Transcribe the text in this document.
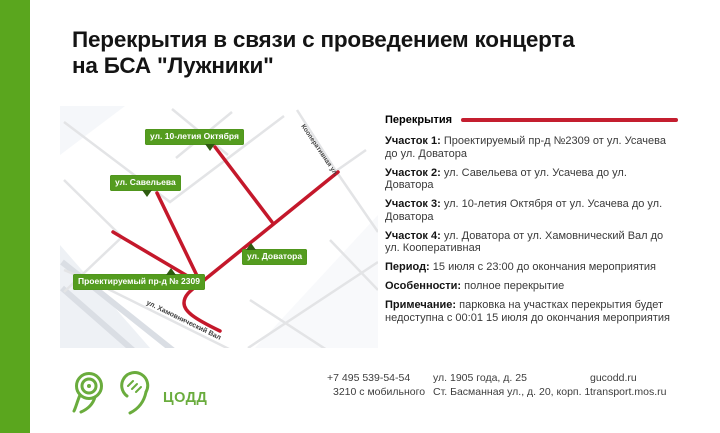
Перекрытия в связи с проведением концерта
на БСА "Лужники"
Кооперативная ул.
ул. Хамовнический Вал
ул. 10-летия Октября
ул. Савельева
ул. Доватора
Проектируемый пр-д № 2309
Перекрытия

Участок 1: Проектируемый пр-д №2309 от ул. Усачева до ул. Доватора

Участок 2: ул. Савельева от ул. Усачева до ул. Доватора

Участок 3: ул. 10-летия Октября от ул. Усачева до ул. Доватора

Участок 4: ул. Доватора от ул. Хамовнический Вал до ул. Кооперативная

Период: 15 июля с 23:00 до окончания мероприятия

Особенности: полное перекрытие

Примечание: парковка на участках перекрытия будет недоступна с 00:01 15 июля до окончания мероприятия

ЦОДД
+7 495 539-54-54
3210 с мобильного
ул. 1905 года, д. 25
Ст. Басманная ул., д. 20, корп. 1
gucodd.ru
transport.mos.ru
